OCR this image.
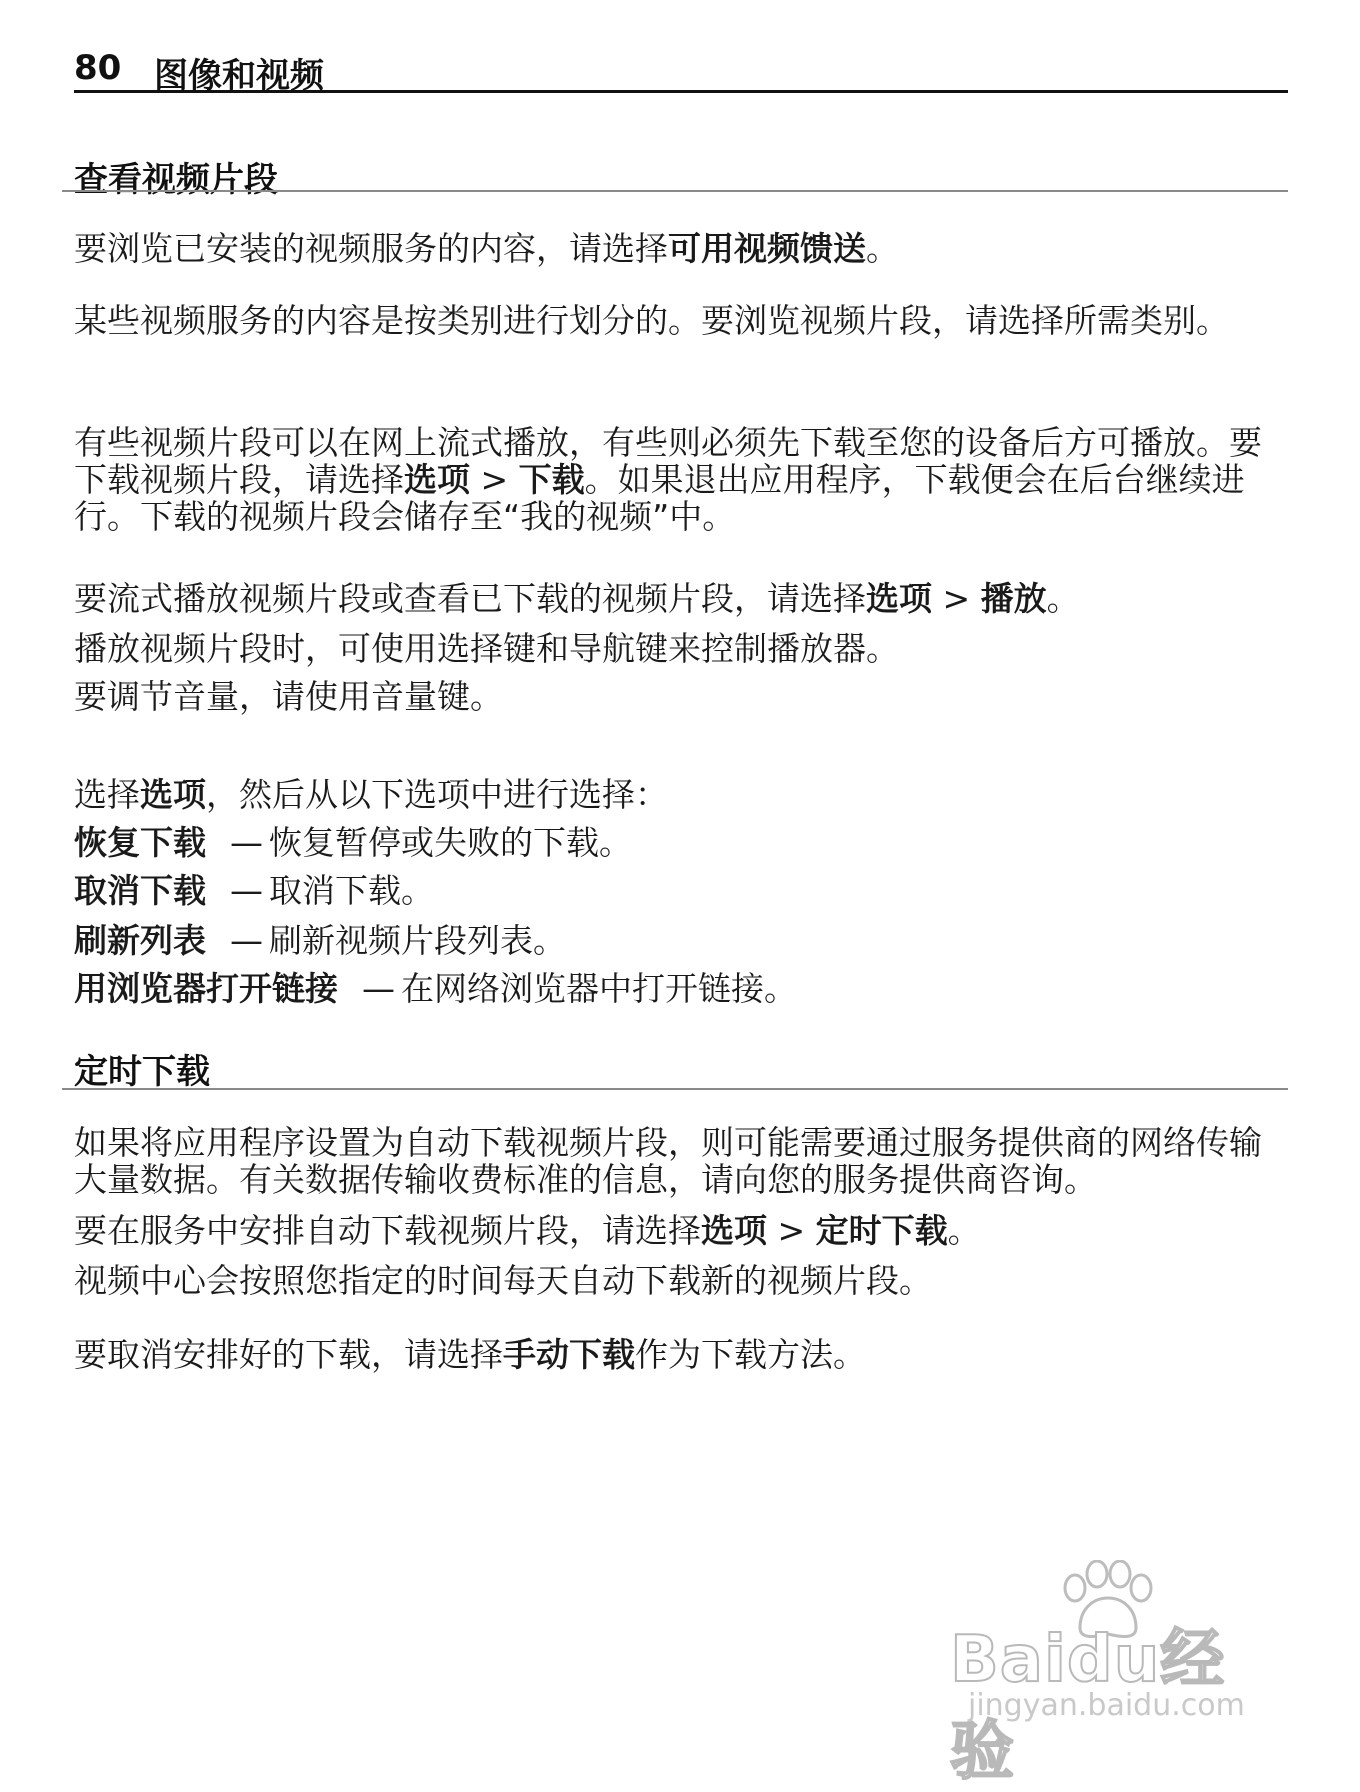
80 图像和视频
查看视频片段
要浏览已安装的视频服务的内容，请选择可用视频馈送。
某些视频服务的内容是按类别进行划分的。要浏览视频片段，请选择所需类别。
有些视频片段可以在网上流式播放，有些则必须先下载至您的设备后方可播放。要下载视频片段，请选择选项 > 下载。如果退出应用程序，下载便会在后台继续进行。下载的视频片段会储存至“我的视频”中。
要流式播放视频片段或查看已下载的视频片段，请选择选项 > 播放。
播放视频片段时，可使用选择键和导航键来控制播放器。
要调节音量，请使用音量键。
选择选项，然后从以下选项中进行选择：
恢复下载 — 恢复暂停或失败的下载。
取消下载 — 取消下载。
刷新列表 — 刷新视频片段列表。
用浏览器打开链接 — 在网络浏览器中打开链接。
定时下载
如果将应用程序设置为自动下载视频片段，则可能需要通过服务提供商的网络传输大量数据。有关数据传输收费标准的信息，请向您的服务提供商咨询。
要在服务中安排自动下载视频片段，请选择选项 > 定时下载。
视频中心会按照您指定的时间每天自动下载新的视频片段。
要取消安排好的下载，请选择手动下载作为下载方法。
Baidu经验
jingyan.baidu.com
